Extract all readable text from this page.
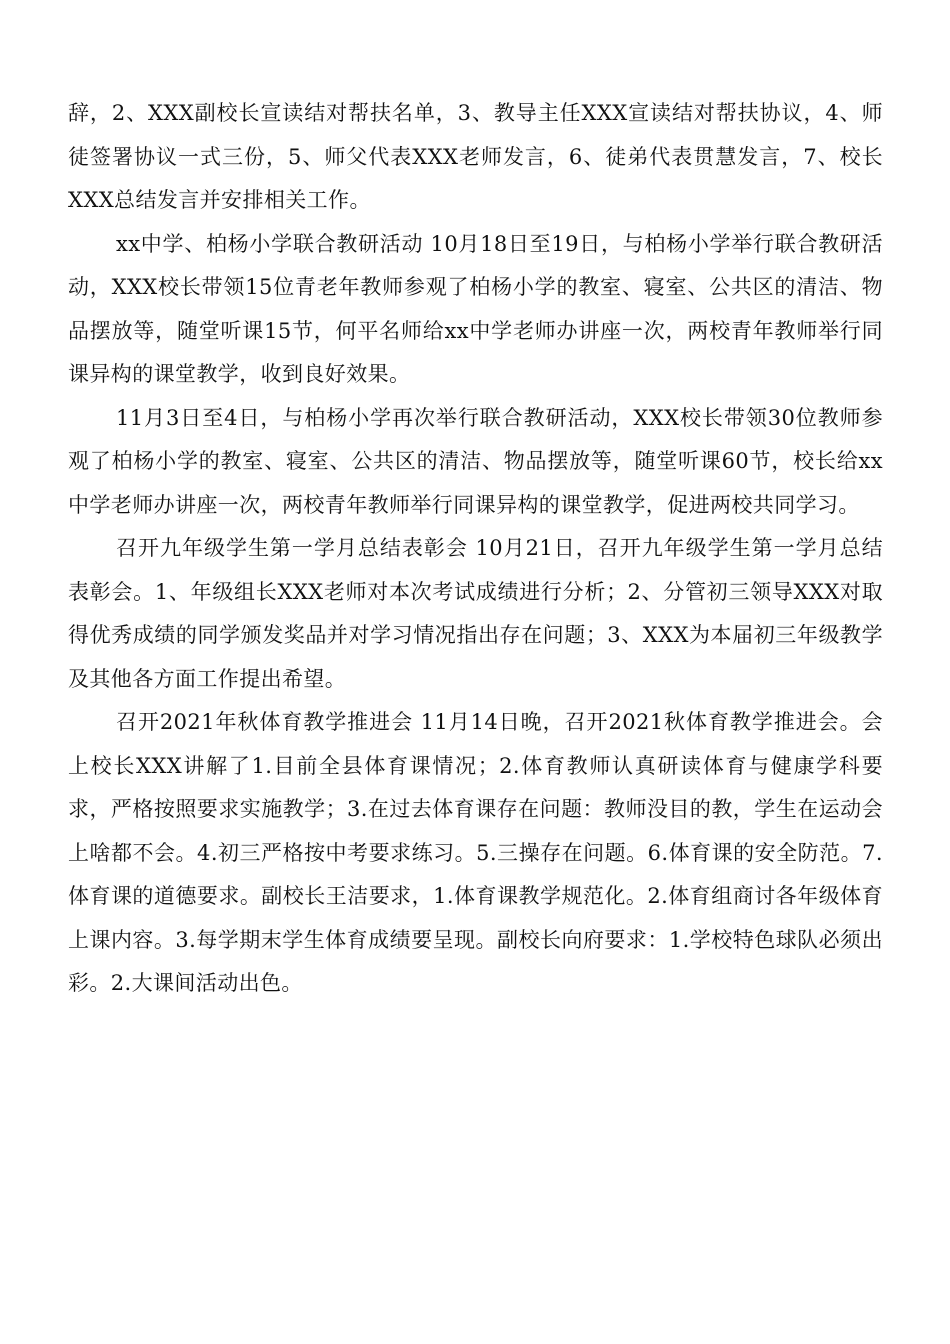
辞，2、XXX副校长宣读结对帮扶名单，3、教导主任XXX宣读结对帮扶协议，4、师徒签署协议一式三份，5、师父代表XXX老师发言，6、徒弟代表贯慧发言，7、校长XXX总结发言并安排相关工作。

xx中学、柏杨小学联合教研活动 10月18日至19日，与柏杨小学举行联合教研活动，XXX校长带领15位青老年教师参观了柏杨小学的教室、寝室、公共区的清洁、物品摆放等，随堂听课15节，何平名师给xx中学老师办讲座一次，两校青年教师举行同课异构的课堂教学，收到良好效果。

11月3日至4日，与柏杨小学再次举行联合教研活动，XXX校长带领30位教师参观了柏杨小学的教室、寝室、公共区的清洁、物品摆放等，随堂听课60节，校长给xx中学老师办讲座一次，两校青年教师举行同课异构的课堂教学，促进两校共同学习。

召开九年级学生第一学月总结表彰会 10月21日，召开九年级学生第一学月总结表彰会。1、年级组长XXX老师对本次考试成绩进行分析；2、分管初三领导XXX对取得优秀成绩的同学颁发奖品并对学习情况指出存在问题；3、XXX为本届初三年级教学及其他各方面工作提出希望。

召开2021年秋体育教学推进会 11月14日晚，召开2021秋体育教学推进会。会上校长XXX讲解了1.目前全县体育课情况；2.体育教师认真研读体育与健康学科要求，严格按照要求实施教学；3.在过去体育课存在问题：教师没目的教，学生在运动会上啥都不会。4.初三严格按中考要求练习。5.三操存在问题。6.体育课的安全防范。7.体育课的道德要求。副校长王洁要求，1.体育课教学规范化。2.体育组商讨各年级体育上课内容。3.每学期末学生体育成绩要呈现。副校长向府要求：1.学校特色球队必须出彩。2.大课间活动出色。
